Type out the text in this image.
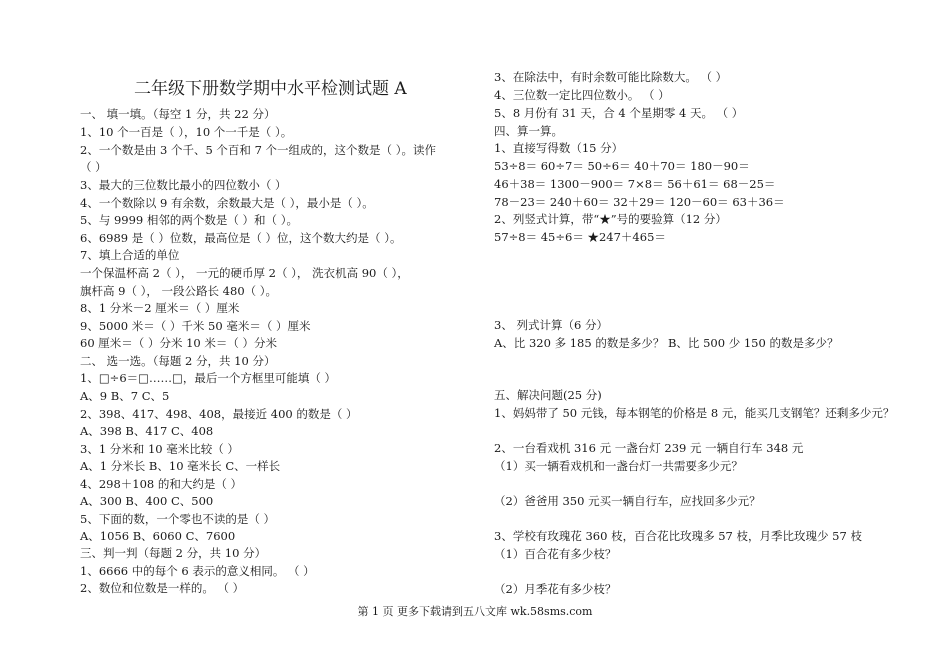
二年级下册数学期中水平检测试题 A
一、 填一填。（每空 1 分，共 22 分）
1、10 个一百是（ ），10 个一千是（ ）。
2、一个数是由 3 个千、5 个百和 7 个一组成的，这个数是（ ）。读作
（ ）
3、最大的三位数比最小的四位数小（ ）
4、一个数除以 9 有余数，余数最大是（ ），最小是（ ）。
5、与 9999 相邻的两个数是（ ）和（ ）。
6、6989 是（ ）位数，最高位是（ ）位，这个数大约是（ ）。
7、填上合适的单位
一个保温杯高 2（ ）， 一元的硬币厚 2（ ）， 洗衣机高 90（ ），
旗杆高 9（ ）， 一段公路长 480（ ）。
8、1 分米－2 厘米＝（ ）厘米
9、5000 米＝（ ）千米 50 毫米＝（ ）厘米
60 厘米＝（ ）分米 10 米＝（ ）分米
二、 选一选。（每题 2 分，共 10 分）
1、□÷6＝□……□，最后一个方框里可能填（ ）
A、9 B、7 C、5
2、398、417、498、408，最接近 400 的数是（ ）
A、398 B、417 C、408
3、1 分米和 10 毫米比较（ ）
A、1 分米长 B、10 毫米长 C、一样长
4、298＋108 的和大约是（ ）
A、300 B、400 C、500
5、下面的数，一个零也不读的是（ ）
A、1056 B、6060 C、7600
三、判一判（每题 2 分，共 10 分）
1、6666 中的每个 6 表示的意义相同。 （ ）
2、数位和位数是一样的。 （ ）
3、在除法中，有时余数可能比除数大。 （ ）
4、三位数一定比四位数小。 （ ）
5、8 月份有 31 天，合 4 个星期零 4 天。 （ ）
四、算一算。
1、直接写得数（15 分）
53÷8＝ 60÷7＝ 50÷6＝ 40＋70＝ 180－90＝
46＋38＝ 1300－900＝ 7×8＝ 56＋61＝ 68－25＝
78－23＝ 240＋60＝ 32＋29＝ 120－60＝ 63＋36＝
2、列竖式计算，带“★”号的要验算（12 分）
57÷8＝ 45÷6＝ ★247＋465＝
3、 列式计算（6 分）
A、比 320 多 185 的数是多少？ B、比 500 少 150 的数是多少？
五、解决问题(25 分)
1、妈妈带了 50 元钱，每本钢笔的价格是 8 元，能买几支钢笔？还剩多少元？
2、一台看戏机 316 元 一盏台灯 239 元 一辆自行车 348 元
（1）买一辆看戏机和一盏台灯一共需要多少元？
（2）爸爸用 350 元买一辆自行车，应找回多少元？
3、学校有玫瑰花 360 枝，百合花比玫瑰多 57 枝，月季比玫瑰少 57 枝
（1）百合花有多少枝？
（2）月季花有多少枝？
第 1 页 更多下载请到五八文库 wk.58sms.com
